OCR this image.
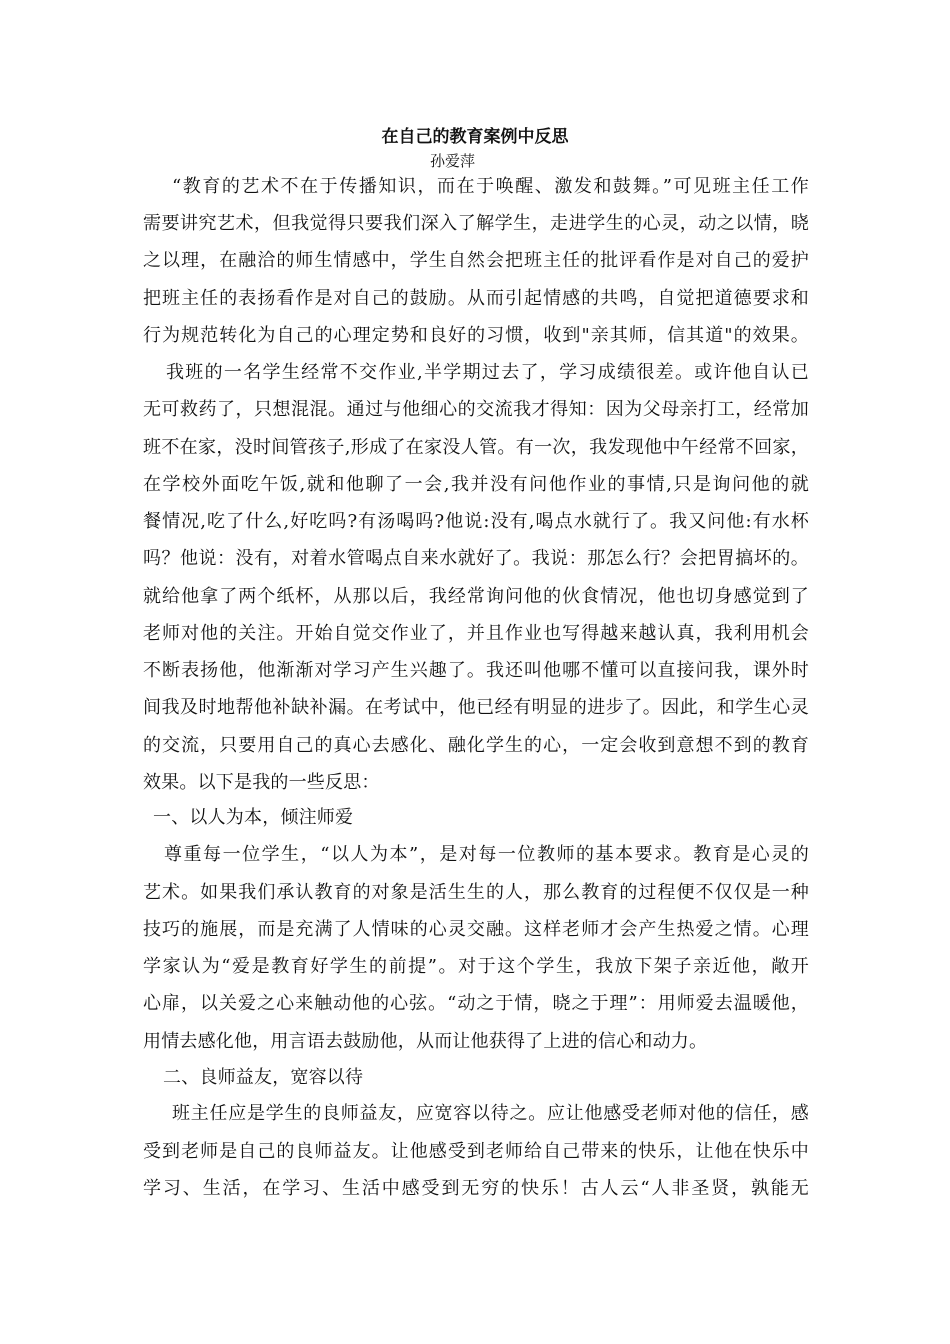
在自己的教育案例中反思
孙爱萍
“教育的艺术不在于传播知识，而在于唤醒、激发和鼓舞。”可见班主任工作
需要讲究艺术，但我觉得只要我们深入了解学生，走进学生的心灵，动之以情，晓
之以理，在融洽的师生情感中，学生自然会把班主任的批评看作是对自己的爱护
把班主任的表扬看作是对自己的鼓励。从而引起情感的共鸣，自觉把道德要求和
行为规范转化为自己的心理定势和良好的习惯，收到"亲其师，信其道"的效果。
我班的一名学生经常不交作业,半学期过去了，学习成绩很差。或许他自认已
无可救药了，只想混混。通过与他细心的交流我才得知：因为父母亲打工，经常加
班不在家，没时间管孩子,形成了在家没人管。有一次，我发现他中午经常不回家，
在学校外面吃午饭,就和他聊了一会,我并没有问他作业的事情,只是询问他的就
餐情况,吃了什么,好吃吗?有汤喝吗?他说:没有,喝点水就行了。我又问他:有水杯
吗？他说：没有，对着水管喝点自来水就好了。我说：那怎么行？会把胃搞坏的。
就给他拿了两个纸杯，从那以后，我经常询问他的伙食情况，他也切身感觉到了
老师对他的关注。开始自觉交作业了，并且作业也写得越来越认真，我利用机会
不断表扬他，他渐渐对学习产生兴趣了。我还叫他哪不懂可以直接问我，课外时
间我及时地帮他补缺补漏。在考试中，他已经有明显的进步了。因此，和学生心灵
的交流，只要用自己的真心去感化、融化学生的心，一定会收到意想不到的教育
效果。以下是我的一些反思：
一、以人为本，倾注师爱
尊重每一位学生，“以人为本”，是对每一位教师的基本要求。教育是心灵的
艺术。如果我们承认教育的对象是活生生的人，那么教育的过程便不仅仅是一种
技巧的施展，而是充满了人情味的心灵交融。这样老师才会产生热爱之情。心理
学家认为“爱是教育好学生的前提”。对于这个学生，我放下架子亲近他，敞开
心扉，以关爱之心来触动他的心弦。“动之于情，晓之于理”：用师爱去温暖他，
用情去感化他，用言语去鼓励他，从而让他获得了上进的信心和动力。
二、良师益友，宽容以待
班主任应是学生的良师益友，应宽容以待之。应让他感受老师对他的信任，感
受到老师是自己的良师益友。让他感受到老师给自己带来的快乐，让他在快乐中
学习、生活，在学习、生活中感受到无穷的快乐！古人云“人非圣贤，孰能无
